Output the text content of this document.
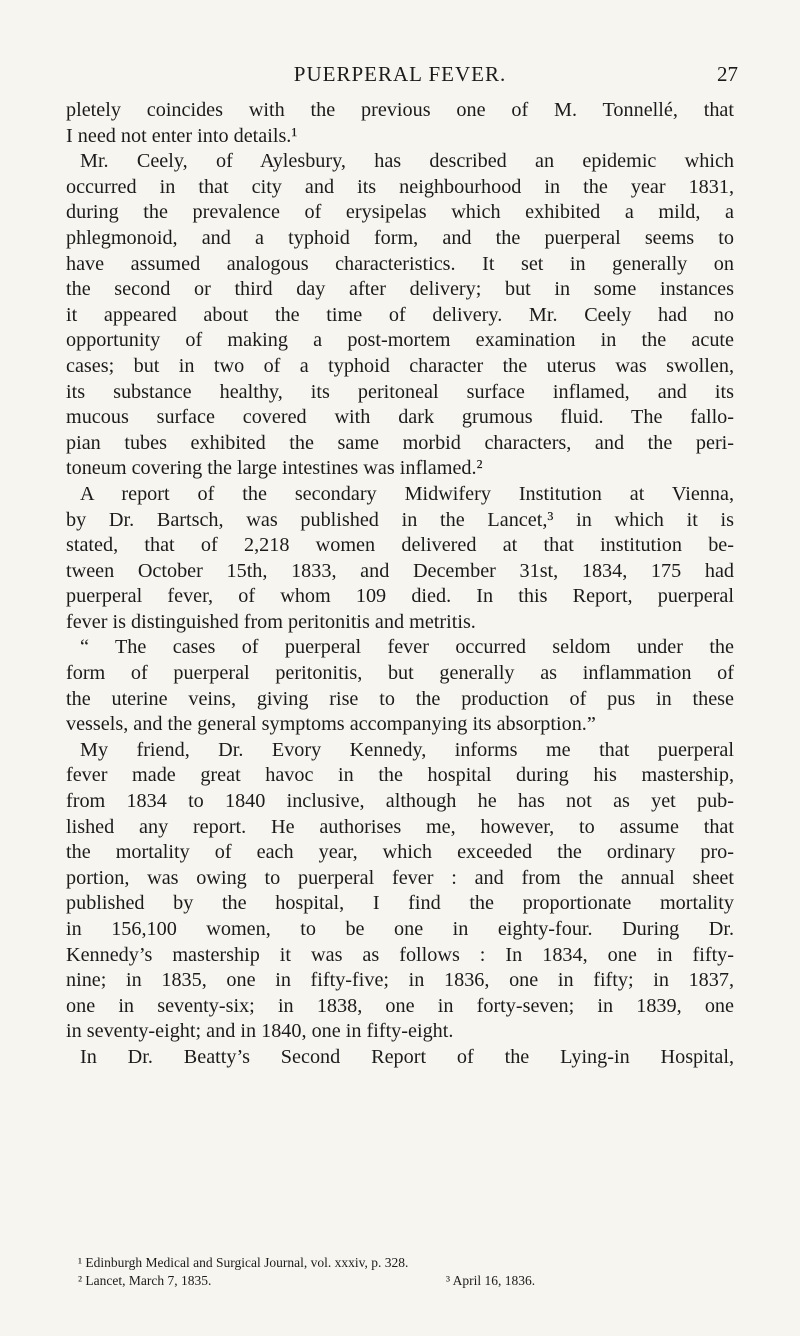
PUERPERAL FEVER.	27
pletely coincides with the previous one of M. Tonnellé, that
I need not enter into details.¹
Mr. Ceely, of Aylesbury, has described an epidemic which
occurred in that city and its neighbourhood in the year 1831,
during the prevalence of erysipelas which exhibited a mild, a
phlegmonoid, and a typhoid form, and the puerperal seems to
have assumed analogous characteristics. It set in generally on
the second or third day after delivery; but in some instances
it appeared about the time of delivery. Mr. Ceely had no
opportunity of making a post-mortem examination in the acute
cases; but in two of a typhoid character the uterus was swollen,
its substance healthy, its peritoneal surface inflamed, and its
mucous surface covered with dark grumous fluid. The fallo-
pian tubes exhibited the same morbid characters, and the peri-
toneum covering the large intestines was inflamed.²
A report of the secondary Midwifery Institution at Vienna,
by Dr. Bartsch, was published in the Lancet,³ in which it is
stated, that of 2,218 women delivered at that institution be-
tween October 15th, 1833, and December 31st, 1834, 175 had
puerperal fever, of whom 109 died. In this Report, puerperal
fever is distinguished from peritonitis and metritis.
“ The cases of puerperal fever occurred seldom under the
form of puerperal peritonitis, but generally as inflammation of
the uterine veins, giving rise to the production of pus in these
vessels, and the general symptoms accompanying its absorption.”
My friend, Dr. Evory Kennedy, informs me that puerperal
fever made great havoc in the hospital during his mastership,
from 1834 to 1840 inclusive, although he has not as yet pub-
lished any report. He authorises me, however, to assume that
the mortality of each year, which exceeded the ordinary pro-
portion, was owing to puerperal fever : and from the annual sheet
published by the hospital, I find the proportionate mortality
in 156,100 women, to be one in eighty-four. During Dr.
Kennedy’s mastership it was as follows : In 1834, one in fifty-
nine; in 1835, one in fifty-five; in 1836, one in fifty; in 1837,
one in seventy-six; in 1838, one in forty-seven; in 1839, one
in seventy-eight; and in 1840, one in fifty-eight.
In Dr. Beatty’s Second Report of the Lying-in Hospital,
¹ Edinburgh Medical and Surgical Journal, vol. xxxiv, p. 328.
² Lancet, March 7, 1835.	³ April 16, 1836.
